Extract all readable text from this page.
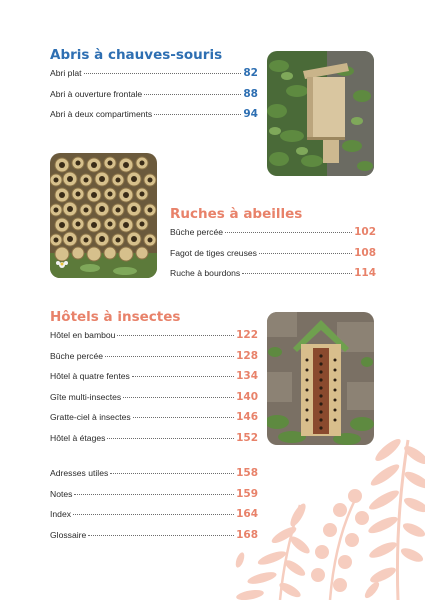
Abris à chauves-souris
Abri plat	82
Abri à ouverture frontale	88
Abri à deux compartiments	94
Ruches à abeilles
Bûche percée	102
Fagot de tiges creuses	108
Ruche à bourdons	114
Hôtels à insectes
Hôtel en bambou	122
Bûche percée	128
Hôtel à quatre fentes	134
Gîte multi-insectes	140
Gratte-ciel à insectes	146
Hôtel à étages	152
Adresses utiles	158
Notes	159
Index	164
Glossaire	168
